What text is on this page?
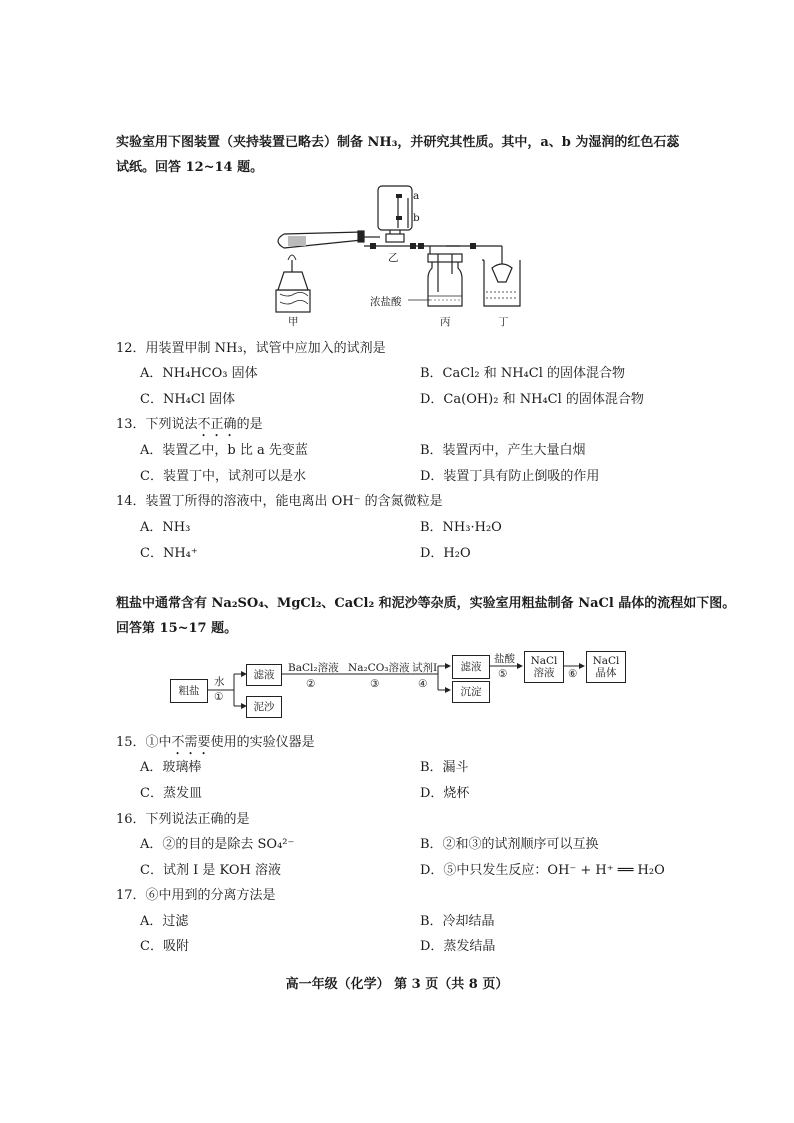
实验室用下图装置（夹持装置已略去）制备 NH₃，并研究其性质。其中，a、b 为湿润的红色石蕊
试纸。回答 12~14 题。
a
b
乙
浓盐酸
甲	丙	丁
12．用装置甲制 NH₃，试管中应加入的试剂是
A．NH₄HCO₃ 固体	B．CaCl₂ 和 NH₄Cl 的固体混合物
C．NH₄Cl 固体	D．Ca(OH)₂ 和 NH₄Cl 的固体混合物
13．下列说法不正确的是
A．装置乙中，b 比 a 先变蓝	B．装置丙中，产生大量白烟
C．装置丁中，试剂可以是水	D．装置丁具有防止倒吸的作用
14．装置丁所得的溶液中，能电离出 OH⁻ 的含氮微粒是
A．NH₃	B．NH₃·H₂O
C．NH₄⁺	D．H₂O
粗盐中通常含有 Na₂SO₄、MgCl₂、CaCl₂ 和泥沙等杂质，实验室用粗盐制备 NaCl 晶体的流程如下图。
回答第 15~17 题。
粗盐
水
①
滤液
泥沙
BaCl₂溶液
②
Na₂CO₃溶液
③
试剂I
④
滤液
沉淀
盐酸
⑤
NaCl
溶液 ⑥
NaCl
晶体
15．①中不需要使用的实验仪器是
A．玻璃棒	B．漏斗
C．蒸发皿	D．烧杯
16．下列说法正确的是
A．②的目的是除去 SO₄²⁻	B．②和③的试剂顺序可以互换
C．试剂 I 是 KOH 溶液	D．⑤中只发生反应：OH⁻ + H⁺ ══ H₂O
17．⑥中用到的分离方法是
A．过滤	B．冷却结晶
C．吸附	D．蒸发结晶
高一年级（化学） 第 3 页（共 8 页）
